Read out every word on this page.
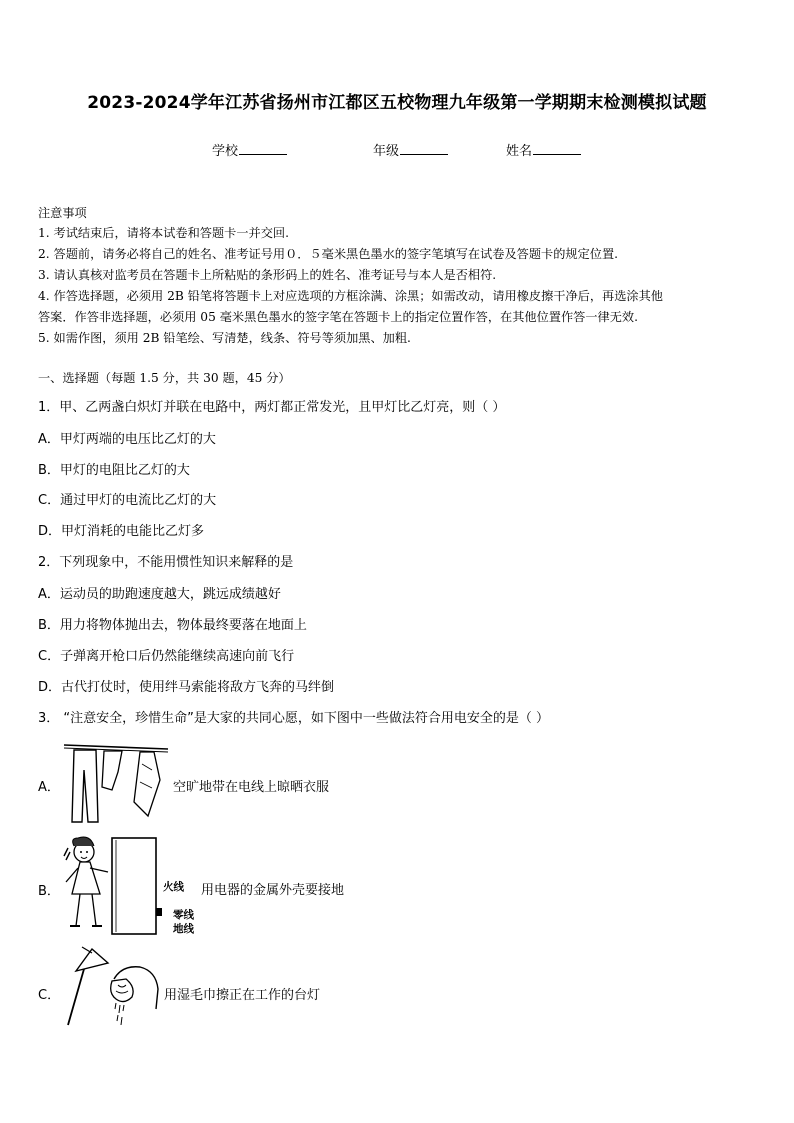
2023-2024学年江苏省扬州市江都区五校物理九年级第一学期期末检测模拟试题
学校	年级	姓名
注意事项
1. 考试结束后，请将本试卷和答题卡一并交回.
2. 答题前，请务必将自己的姓名、准考证号用０．５毫米黑色墨水的签字笔填写在试卷及答题卡的规定位置.
3. 请认真核对监考员在答题卡上所粘贴的条形码上的姓名、准考证号与本人是否相符.
4. 作答选择题，必须用 2B 铅笔将答题卡上对应选项的方框涂满、涂黑；如需改动，请用橡皮擦干净后，再选涂其他
答案．作答非选择题，必须用 05 毫米黑色墨水的签字笔在答题卡上的指定位置作答，在其他位置作答一律无效.
5. 如需作图，须用 2B 铅笔绘、写清楚，线条、符号等须加黑、加粗.
一、选择题（每题 1.5 分，共 30 题，45 分）
1．甲、乙两盏白炽灯并联在电路中，两灯都正常发光，且甲灯比乙灯亮，则（ ）
A．甲灯两端的电压比乙灯的大
B．甲灯的电阻比乙灯的大
C．通过甲灯的电流比乙灯的大
D．甲灯消耗的电能比乙灯多
2．下列现象中，不能用惯性知识来解释的是
A．运动员的助跑速度越大，跳远成绩越好
B．用力将物体抛出去，物体最终要落在地面上
C．子弹离开枪口后仍然能继续高速向前飞行
D．古代打仗时，使用绊马索能将敌方飞奔的马绊倒
3． “注意安全，珍惜生命”是大家的共同心愿，如下图中一些做法符合用电安全的是（ ）
A．	空旷地带在电线上晾晒衣服
B．	火线
零线
地线
用电器的金属外壳要接地
C．	用湿毛巾擦正在工作的台灯
